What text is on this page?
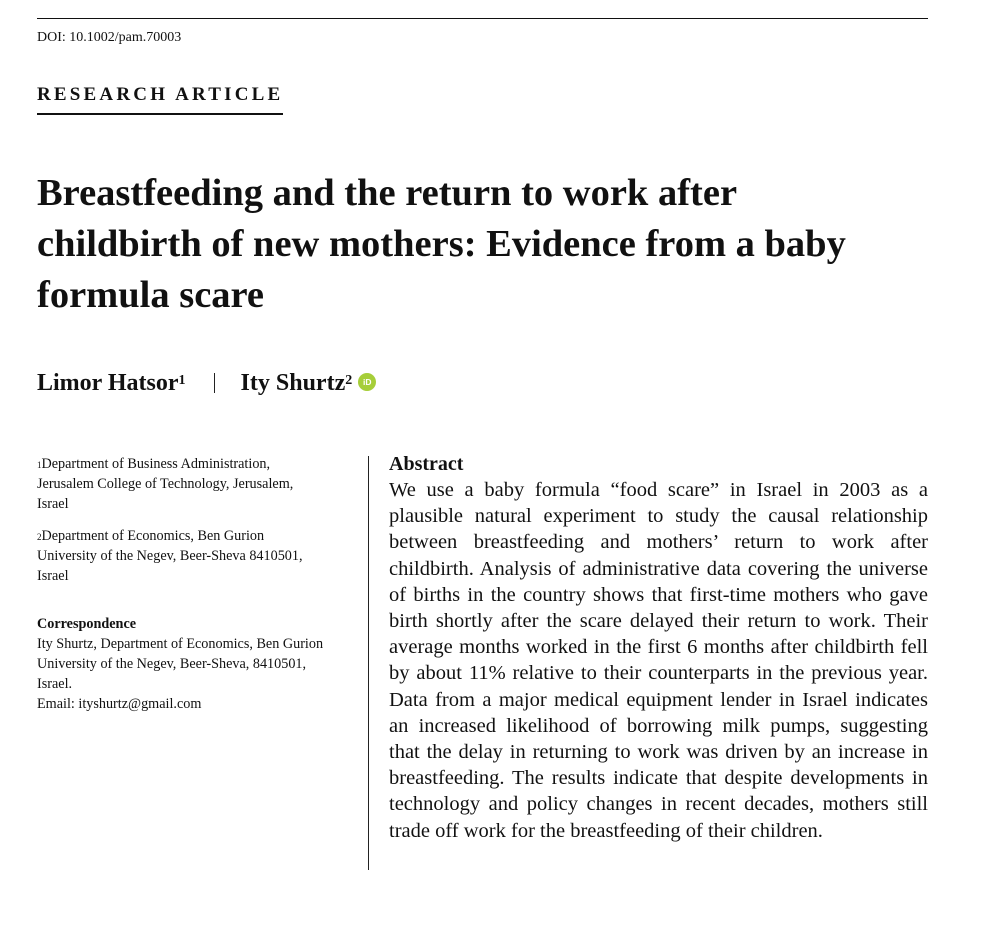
DOI: 10.1002/pam.70003
RESEARCH ARTICLE
Breastfeeding and the return to work after
childbirth of new mothers: Evidence from a baby
formula scare
Limor Hatsor$^1$ Ity Shurtz$^2$	iD

$^1$Department of Business Administration,
Jerusalem College of Technology, Jerusalem,
Israel

$^2$Department of Economics, Ben Gurion
University of the Negev, Beer-Sheva 8410501,
Israel

Correspondence

Ity Shurtz, Department of Economics, Ben Gurion
University of the Negev, Beer-Sheva, 8410501,
Israel.
Email: ityshurtz@gmail.com

Abstract

We use a baby formula “food scare” in Israel in 2003 as a plausible natural experiment to study the causal relationship between breastfeeding and mothers’ return to work after childbirth. Analysis of administrative data covering the universe of births in the country shows that first-time mothers who gave birth shortly after the scare delayed their return to work. Their average months worked in the first 6 months after childbirth fell by about 11% relative to their counterparts in the previous year. Data from a major medical equipment lender in Israel indicates an increased likelihood of borrowing milk pumps, suggesting that the delay in returning to work was driven by an increase in breastfeeding. The results indicate that despite developments in technology and policy changes in recent decades, mothers still trade off work for the breastfeeding of their children.
